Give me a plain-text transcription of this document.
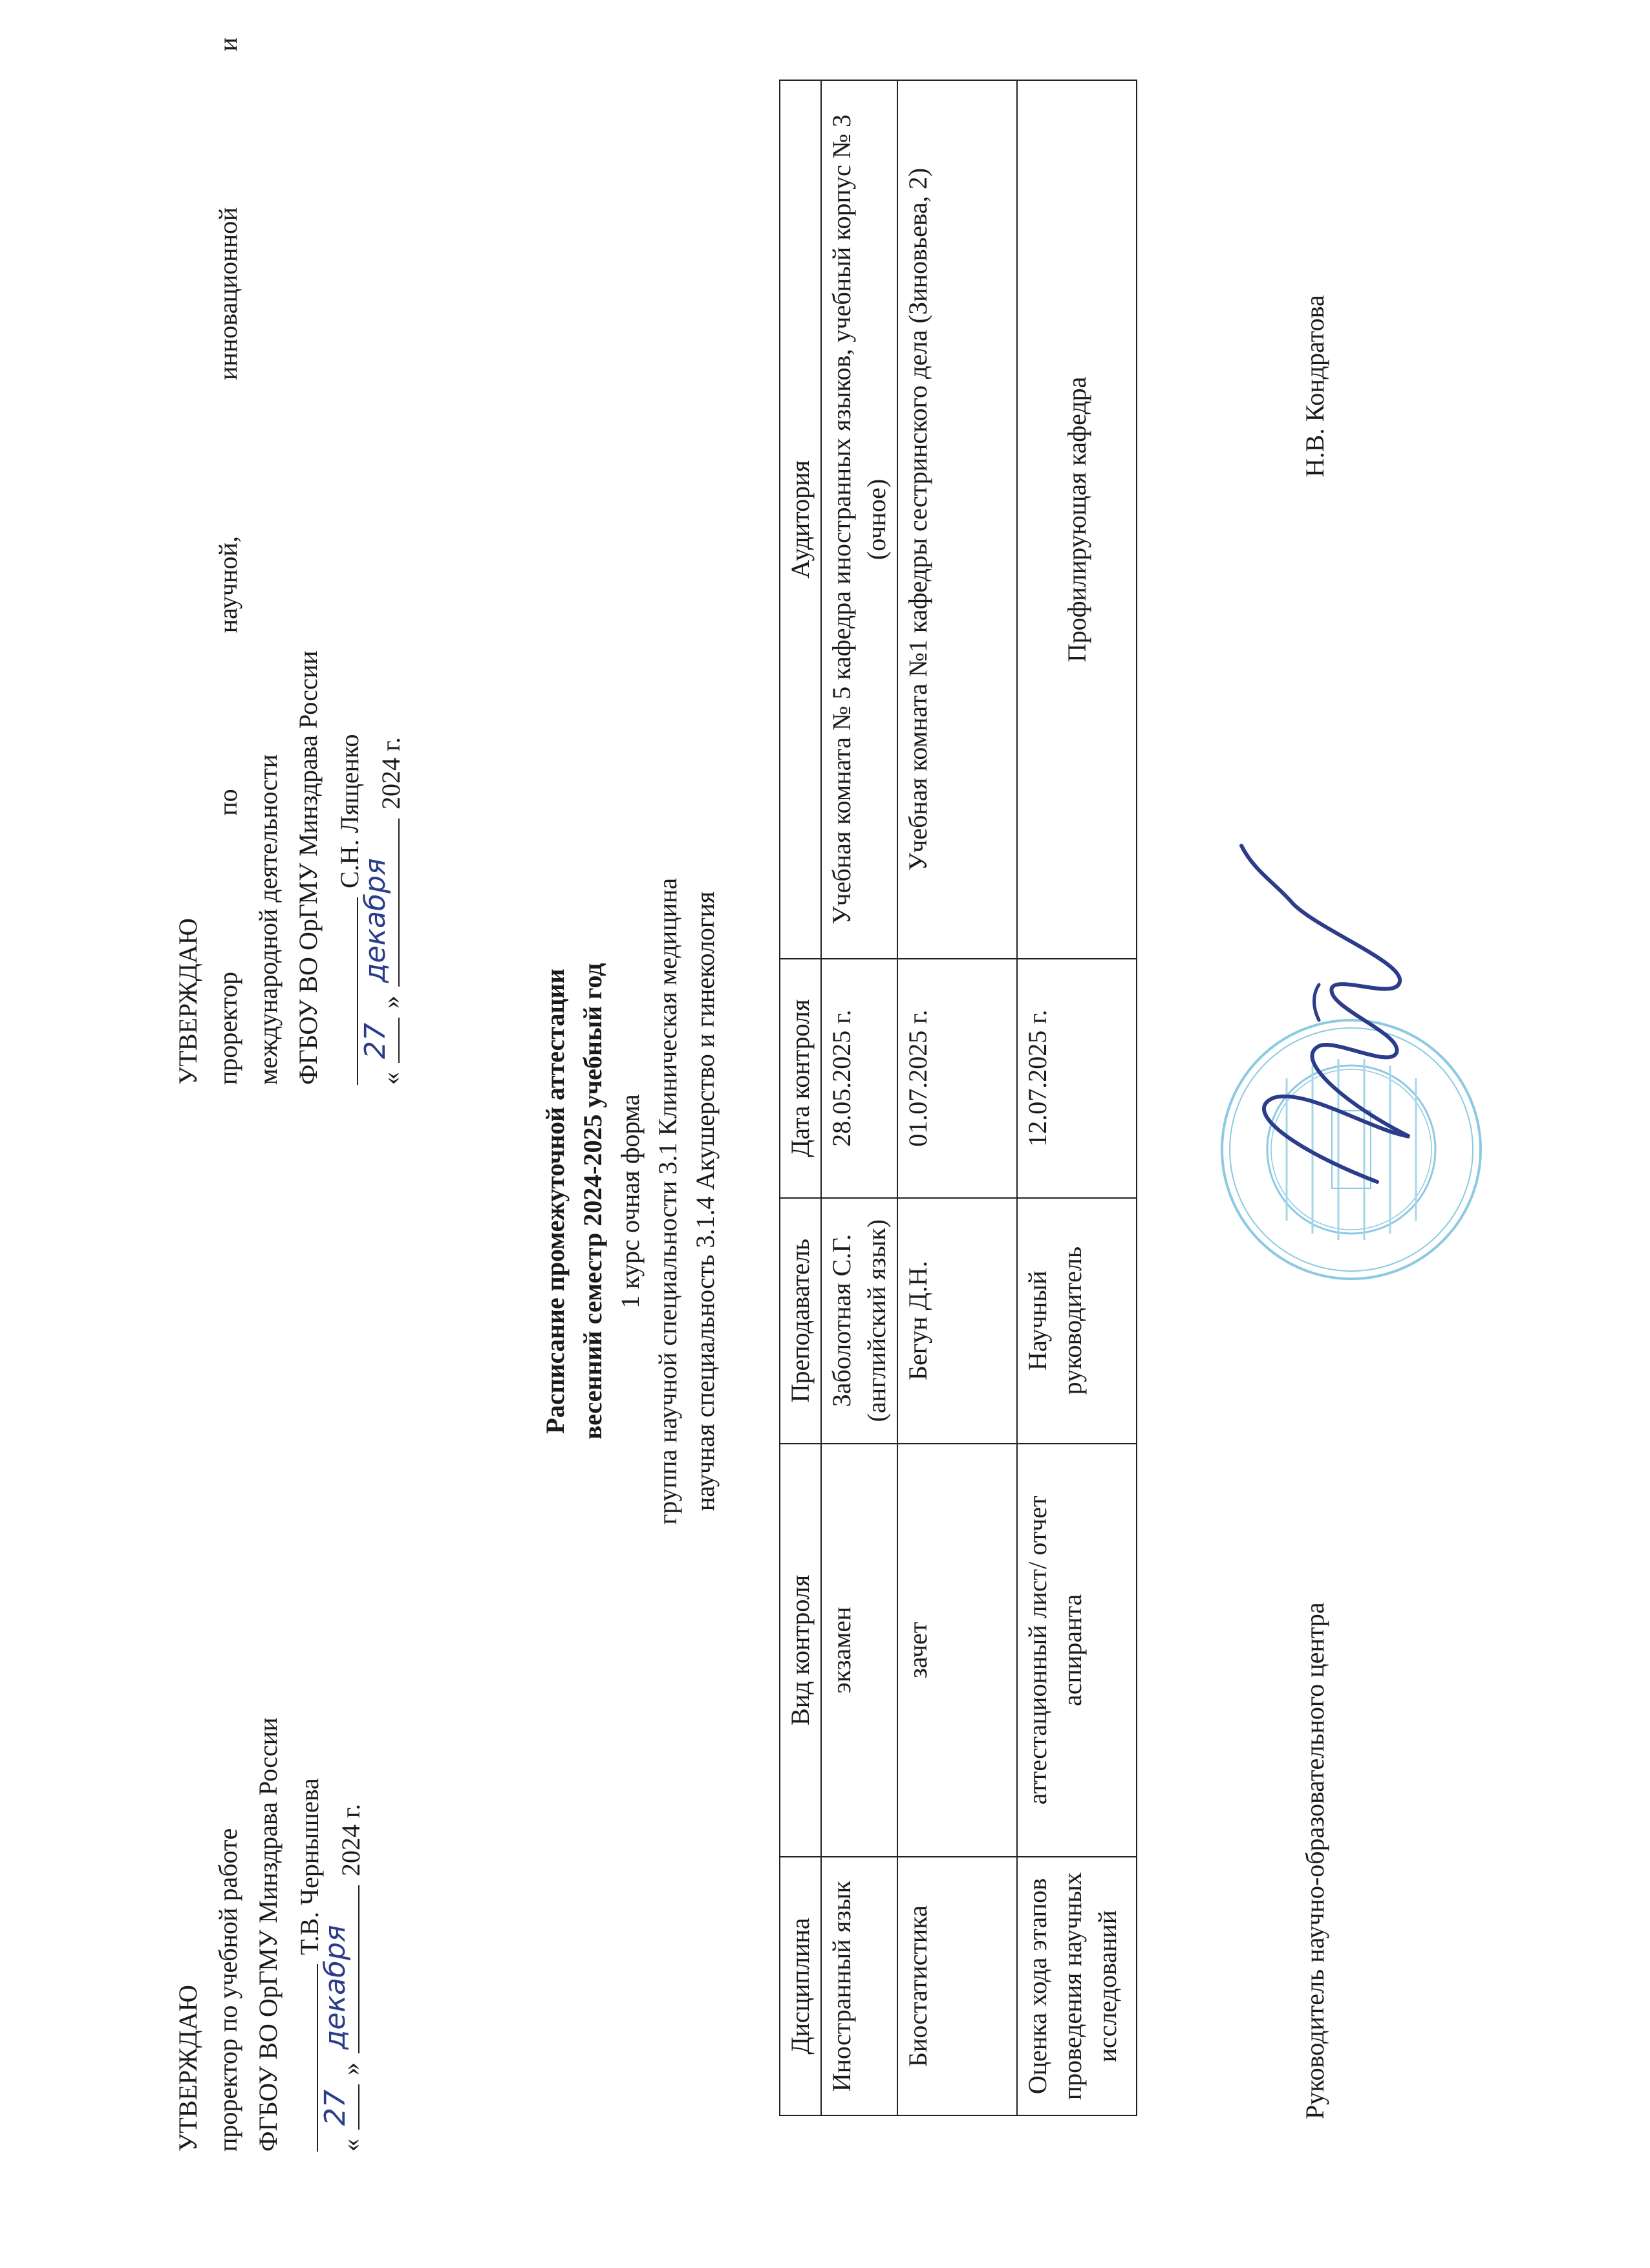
УТВЕРЖДАЮ проректор по учебной работе ФГБОУ ВО ОрГМУ Минздрава России Т.В. Чернышева
«
27
»
декабря
2024 г.
УТВЕРЖДАЮ проректор
по
научной,
инновационной
и
международной деятельности ФГБОУ ВО ОрГМУ Минздрава России С.Н. Лященко
«
27
»
декабря
2024 г.
Расписание промежуточной аттестации весенний семестр 2024-2025 учебный год 1 курс очная форма группа научной специальности 3.1 Клиническая медицина научная специальность 3.1.4 Акушерство и гинекология
Дисциплина	Вид контроля	Преподаватель	Дата контроля	Аудитория
Иностранный язык	экзамен	Заболотная С.Г. (английский язык)	28.05.2025 г.	Учебная комната № 5 кафедра иностранных языков, учебный корпус № 3 (очное)
Биостатистика	зачет	Бегун Д.Н.	01.07.2025 г.	Учебная комната №1 кафедры сестринского дела (Зиновьева, 2)
Оценка хода этапов проведения научных исследований	аттестационный лист/ отчет аспиранта	Научный руководитель	12.07.2025 г.	Профилирующая кафедра
Руководитель научно-образовательного центра
Н.В. Кондратова
